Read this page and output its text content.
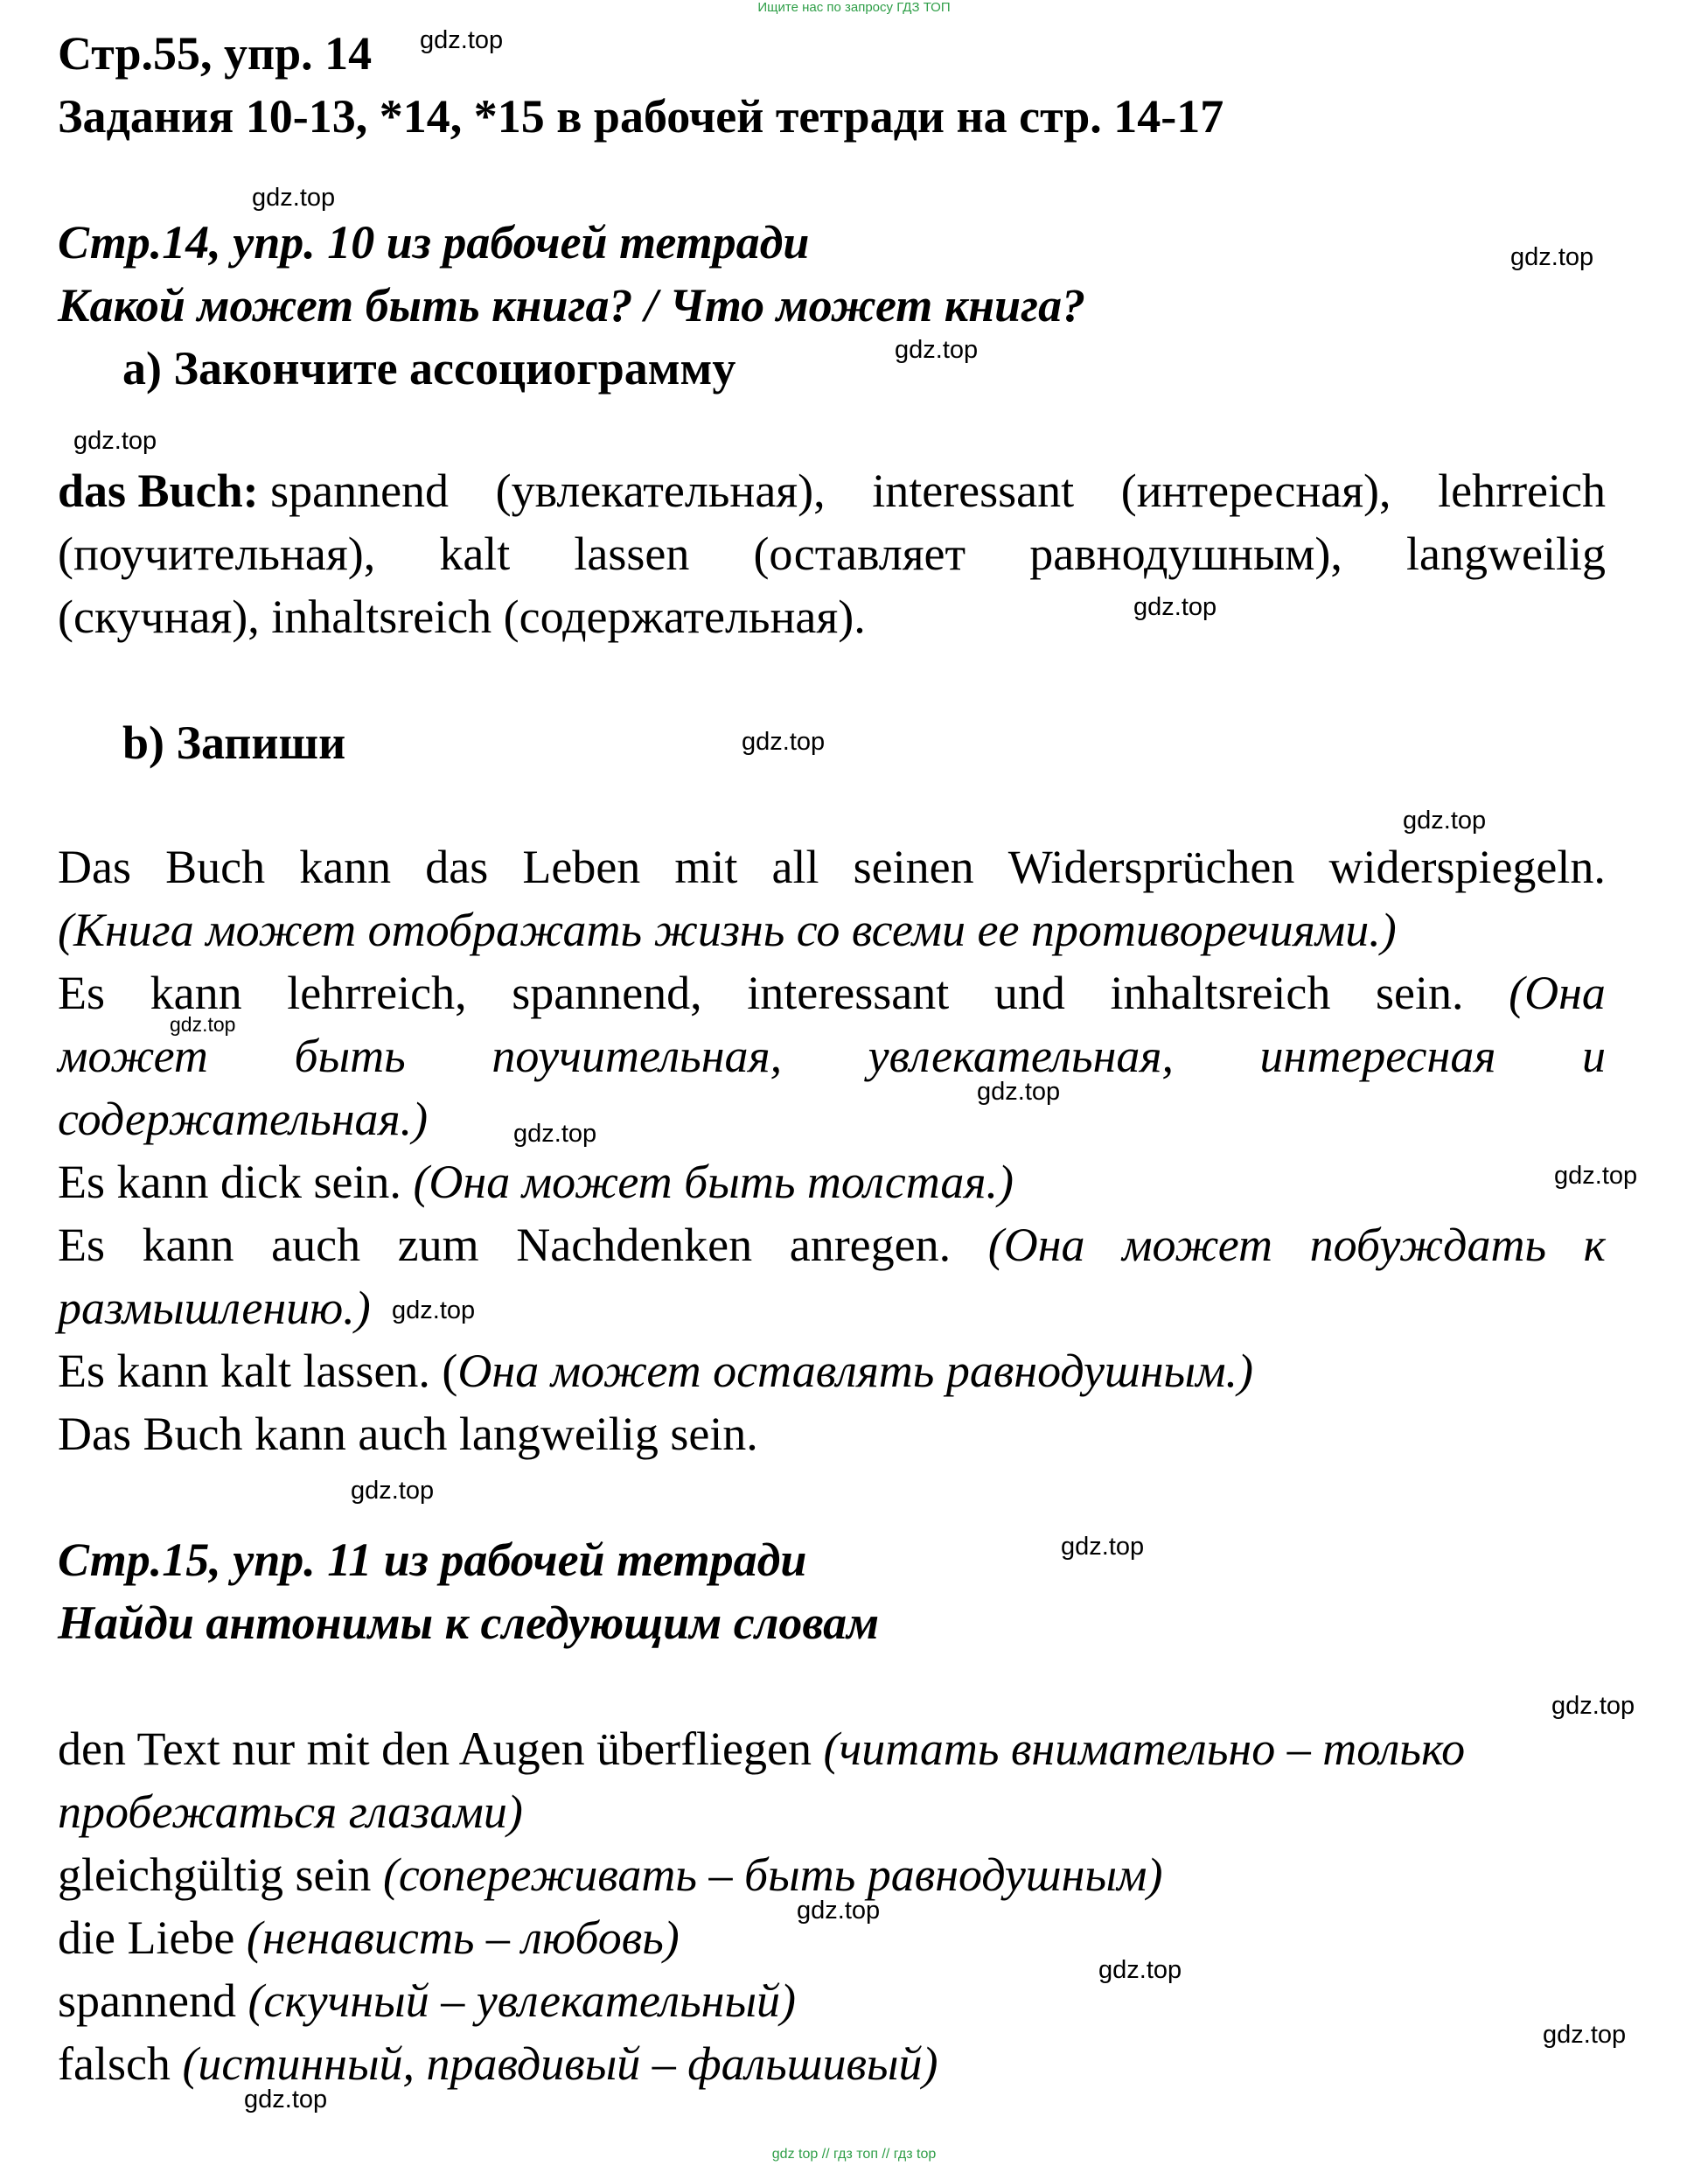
Ищите нас по запросу ГДЗ ТОП
Стр.55, упр. 14
Задания 10-13, *14, *15 в рабочей тетради на стр. 14-17
Стр.14, упр. 10 из рабочей тетради
Какой может быть книга? / Что может книга?
a) Закончите ассоциограмму
das Buch: spannend (увлекательная), interessant (интересная), lehrreich
(поучительная), kalt lassen (оставляет равнодушным), langweilig
(скучная), inhaltsreich (содержательная).
b) Запиши
Das Buch kann das Leben mit all seinen Widersprüchen widerspiegeln.
(Книга может отображать жизнь со всеми ее противоречиями.)
Es kann lehrreich, spannend, interessant und inhaltsreich sein. (Она
может быть поучительная, увлекательная, интересная и
содержательная.)
Es kann dick sein. (Она может быть толстая.)
Es kann auch zum Nachdenken anregen. (Она может побуждать к
размышлению.)
Es kann kalt lassen. (Она может оставлять равнодушным.)
Das Buch kann auch langweilig sein.
Стр.15, упр. 11 из рабочей тетради
Найди антонимы к следующим словам
den Text nur mit den Augen überfliegen (читать внимательно – только
пробежаться глазами)
gleichgültig sein (сопереживать – быть равнодушным)
die Liebe (ненависть – любовь)
spannend (скучный – увлекательный)
falsch (истинный, правдивый – фальшивый)
gdz.top
gdz.top
gdz.top
gdz.top
gdz.top
gdz.top
gdz.top
gdz.top
gdz.top
gdz.top
gdz.top
gdz.top
gdz.top
gdz.top
gdz.top
gdz.top
gdz.top
gdz.top
gdz.top
gdz.top
gdz top // гдз топ // гдз top
